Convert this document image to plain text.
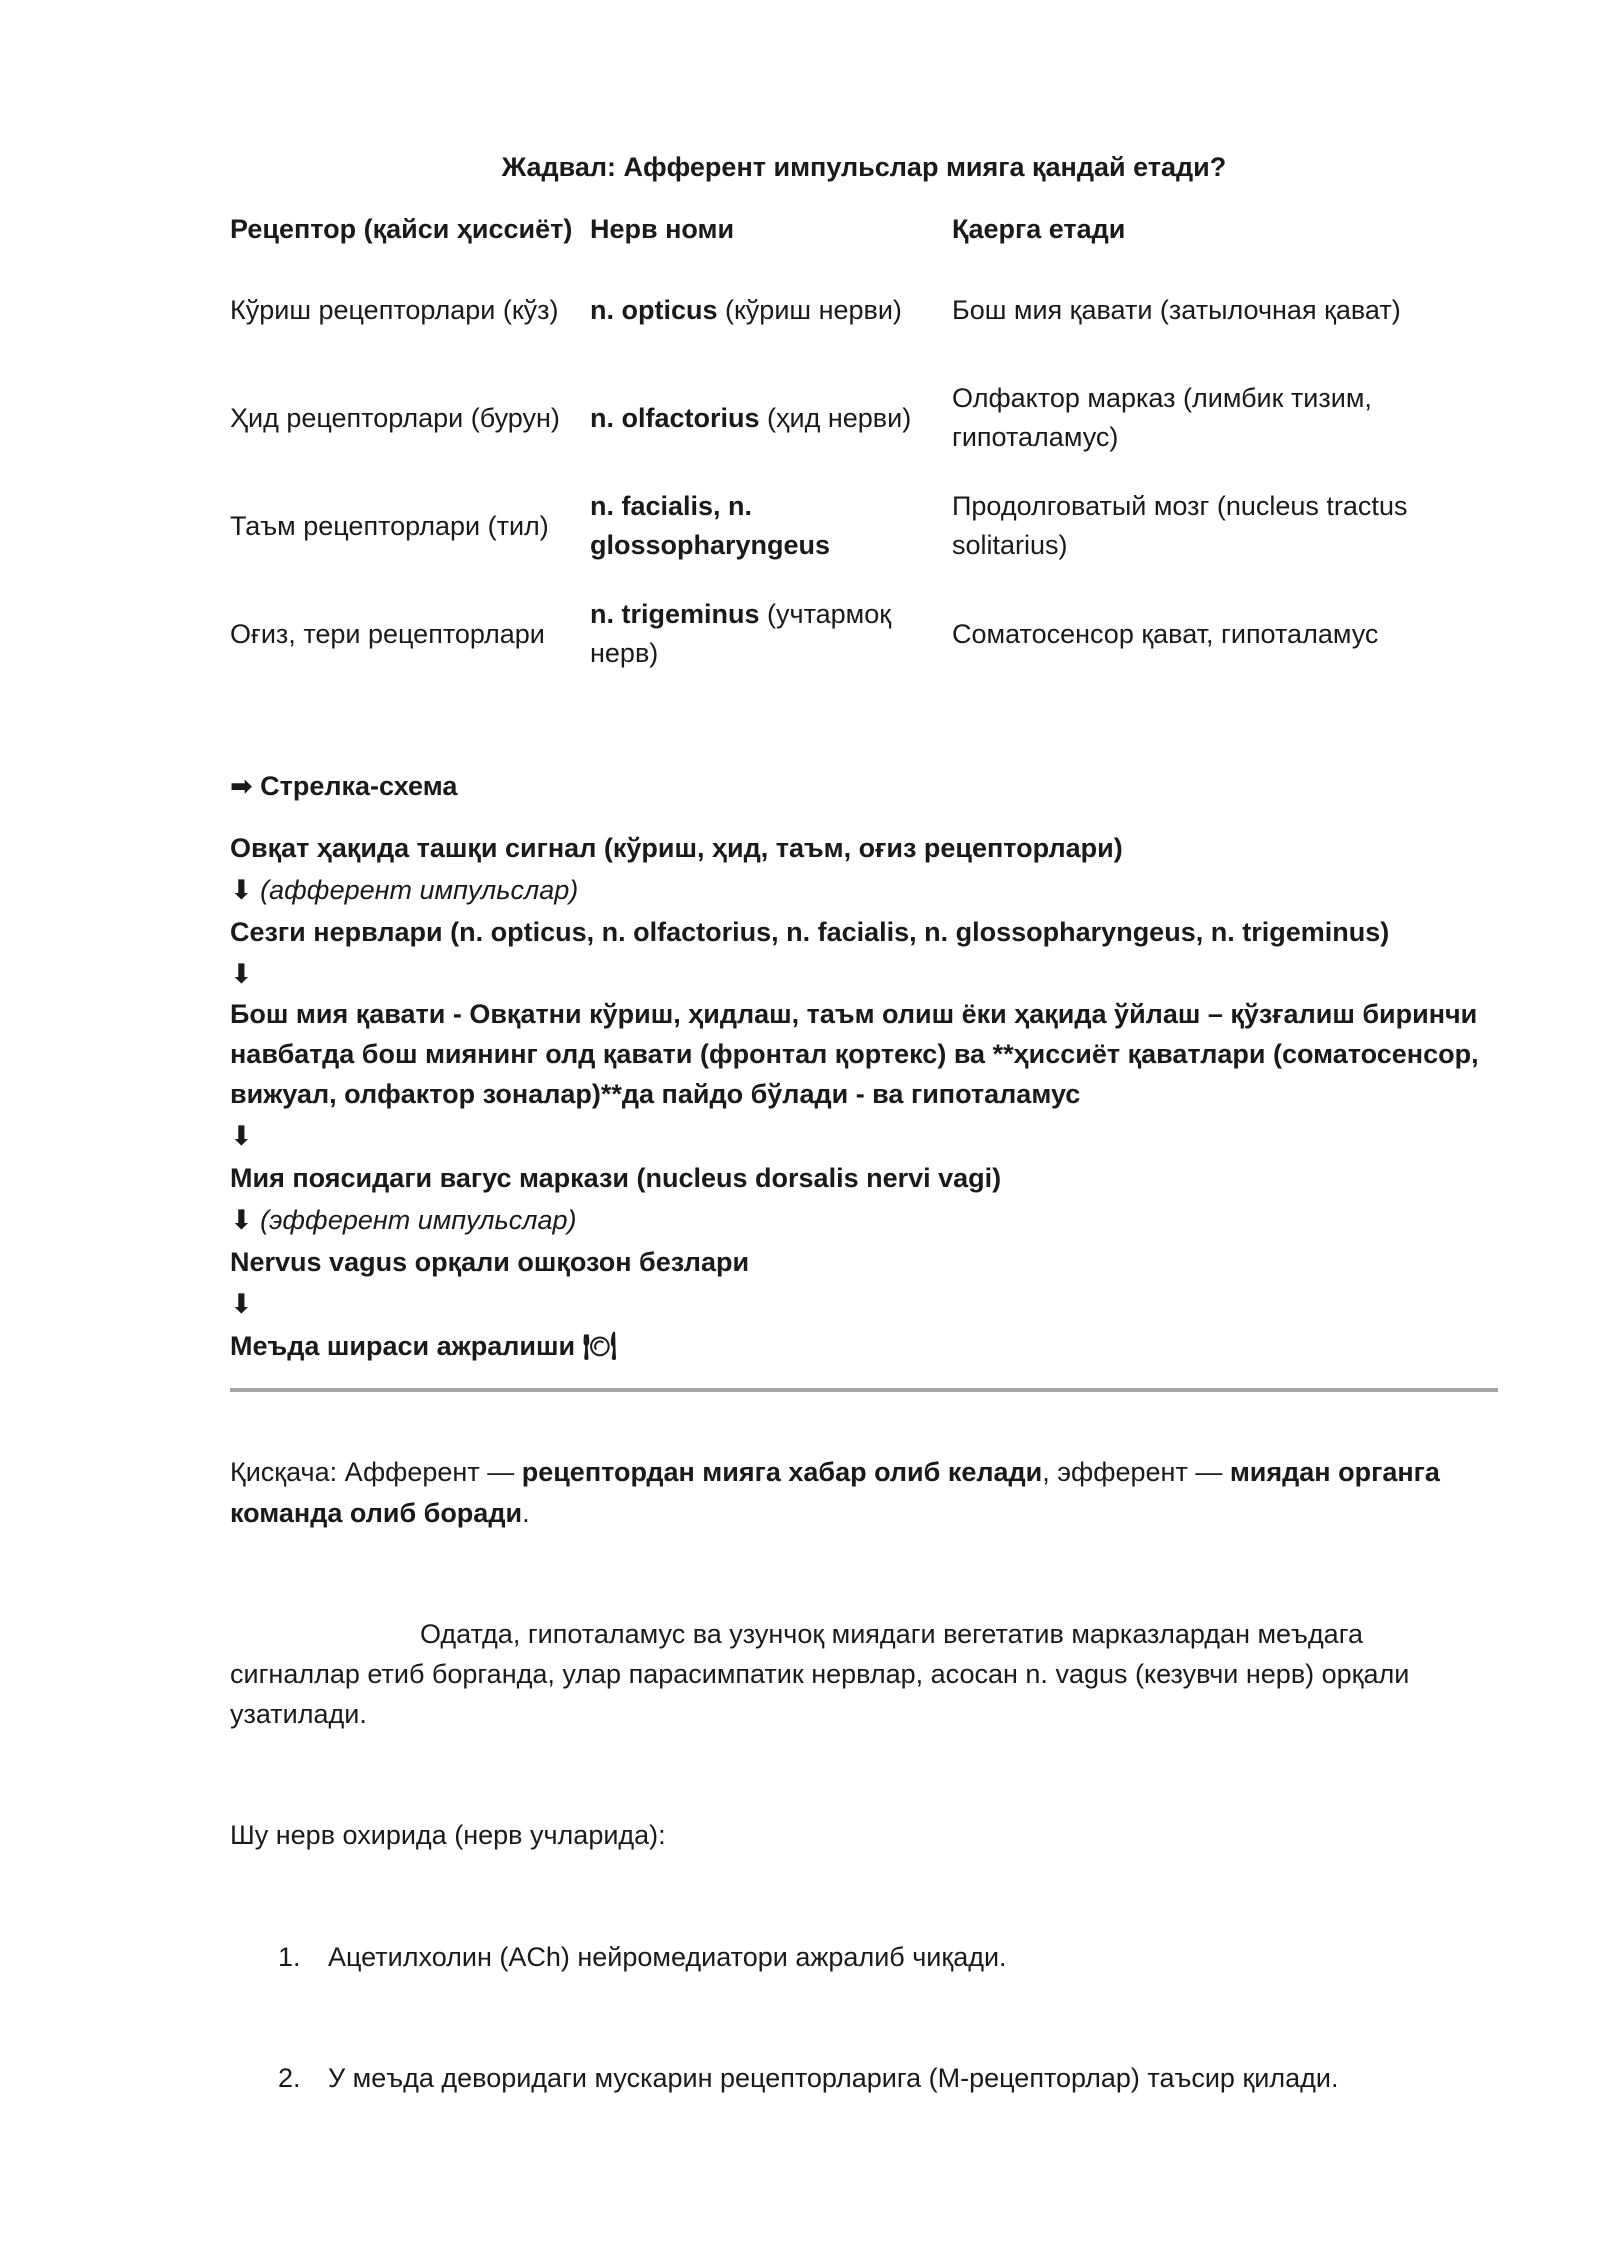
Жадвал: Афферент импульслар мияга қандай етади?
Рецептор (қайси ҳиссиёт)	Нерв номи	Қаерга етади
Кўриш рецепторлари (кўз)	n. opticus (кўриш нерви)	Бош мия қавати (затылочная қават)
Ҳид рецепторлари (бурун)	n. olfactorius (ҳид нерви)	Олфактор марказ (лимбик тизим, гипоталамус)
Таъм рецепторлари (тил)	n. facialis, n. glossopharyngeus	Продолговатый мозг (nucleus tractus solitarius)
Оғиз, тери рецепторлари	n. trigeminus (учтармоқ нерв)	Соматосенсор қават, гипоталамус
➡ Стрелка-схема
Овқат ҳақида ташқи сигнал (кўриш, ҳид, таъм, оғиз рецепторлари)
⬇ (афферент импульслар)
Сезги нервлари (n. opticus, n. olfactorius, n. facialis, n. glossopharyngeus, n. trigeminus)
⬇
Бош мия қавати - Овқатни кўриш, ҳидлаш, таъм олиш ёки ҳақида ўйлаш – қўзғалиш биринчи навбатда бош миянинг олд қавати (фронтал қортекс) ва **ҳиссиёт қаватлари (соматосенсор, вижуал, олфактор зоналар)**да пайдо бўлади - ва гипоталамус
⬇
Мия поясидаги вагус маркази (nucleus dorsalis nervi vagi)
⬇ (эфферент импульслар)
Nervus vagus орқали ошқозон безлари
⬇
Меъда шираси ажралиши 🍽
Қисқача: Афферент — рецептордан мияга хабар олиб келади, эфферент — миядан органга команда олиб боради.
Одатда, гипоталамус ва узунчоқ миядаги вегетатив марказлардан меъдага сигналлар етиб борганда, улар парасимпатик нервлар, асосан n. vagus (кезувчи нерв) орқали узатилади.
Шу нерв охирида (нерв учларида):
1. Ацетилхолин (ACh) нейромедиатори ажралиб чиқади.
2. У меъда деворидаги мускарин рецепторларига (М-рецепторлар) таъсир қилади.
